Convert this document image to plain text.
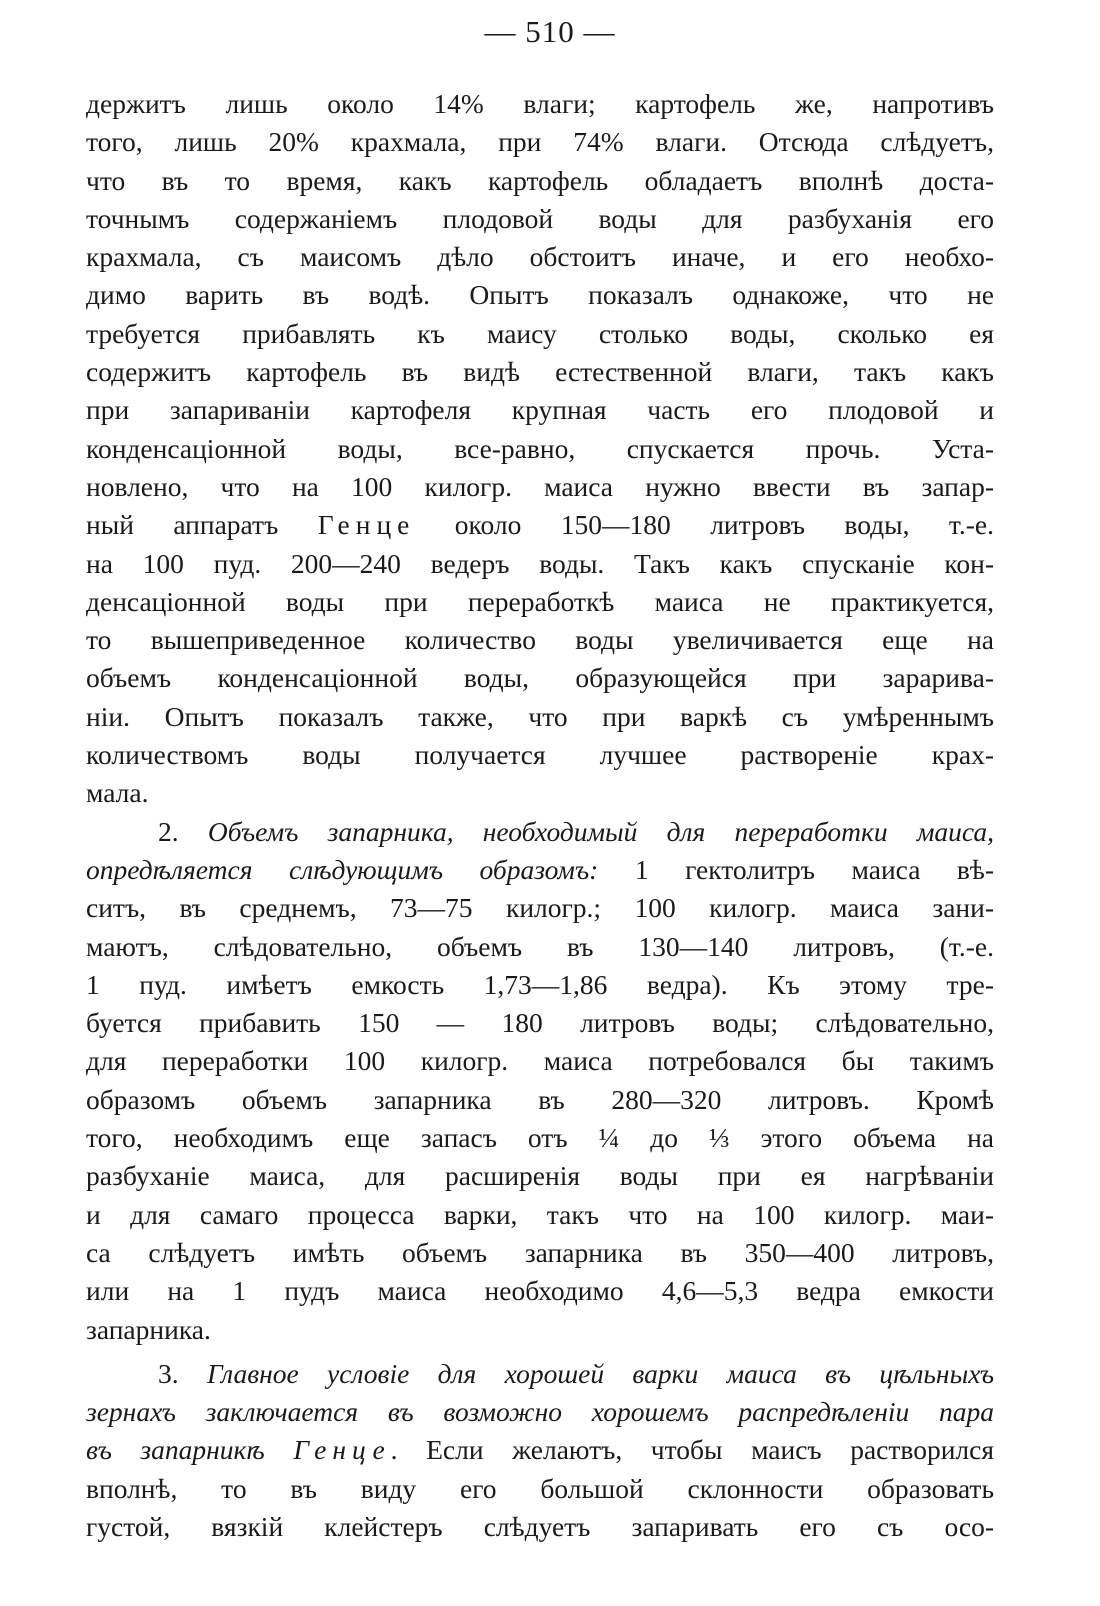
— 510 —
держитъ лишь около 14% влаги; картофель же, напротивъ
того, лишь 20% крахмала, при 74% влаги. Отсюда слѣдуетъ,
что въ то время, какъ картофель обладаетъ вполнѣ доста-
точнымъ содержаніемъ плодовой воды для разбуханія его
крахмала, съ маисомъ дѣло обстоитъ иначе, и его необхо-
димо варить въ водѣ. Опытъ показалъ однакоже, что не
требуется прибавлять къ маису столько воды, сколько ея
содержитъ картофель въ видѣ естественной влаги, такъ какъ
при запариваніи картофеля крупная часть его плодовой и
конденсаціонной воды, все-равно, спускается прочь. Уста-
новлено, что на 100 килогр. маиса нужно ввести въ запар-
ный аппаратъ Генце около 150—180 литровъ воды, т.-е.
на 100 пуд. 200—240 ведеръ воды. Такъ какъ спусканіе кон-
денсаціонной воды при переработкѣ маиса не практикуется,
то вышеприведенное количество воды увеличивается еще на
объемъ конденсаціонной воды, образующейся при заpарива-
ніи. Опытъ показалъ также, что при варкѣ съ умѣреннымъ
количествомъ воды получается лучшее раствореніе крах-
мала.
2. Объемъ запарника, необходимый для переработки маиса,
опредѣляется слѣдующимъ образомъ: 1 гектолитръ маиса вѣ-
ситъ, въ среднемъ, 73—75 килогр.; 100 килогр. маиса зани-
маютъ, слѣдовательно, объемъ въ 130—140 литровъ, (т.-е.
1 пуд. имѣетъ емкость 1,73—1,86 ведра). Къ этому тре-
буется прибавить 150 — 180 литровъ воды; слѣдовательно,
для переработки 100 килогр. маиса потребовался бы такимъ
образомъ объемъ запарника въ 280—320 литровъ. Кромѣ
того, необходимъ еще запасъ отъ ¼ до ⅓ этого объема на
разбуханіе маиса, для расширенія воды при ея нагрѣваніи
и для самаго процесса варки, такъ что на 100 килогр. маи-
са слѣдуетъ имѣть объемъ запарника въ 350—400 литровъ,
или на 1 пудъ маиса необходимо 4,6—5,3 ведра емкости
запарника.
3. Главное условіе для хорошей варки маиса въ цѣльныхъ
зернахъ заключается въ возможно хорошемъ распредѣленіи пара
въ запарникѣ Генце. Если желаютъ, чтобы маисъ растворился
вполнѣ, то въ виду его большой склонности образовать
густой, вязкій клейстеръ слѣдуетъ запаривать его съ осо-
